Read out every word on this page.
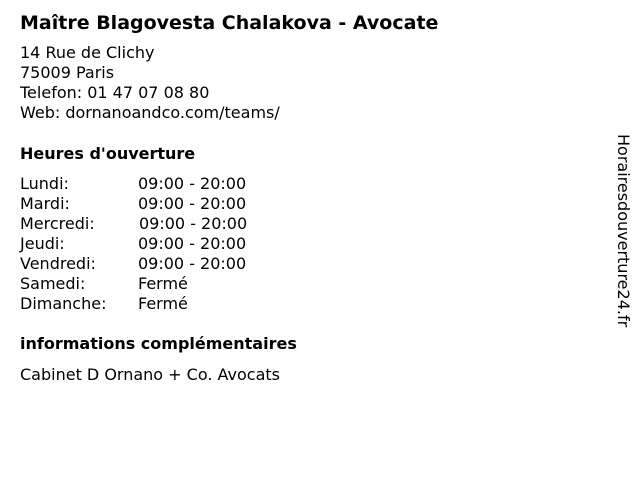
Maître Blagovesta Chalakova - Avocate
14 Rue de Clichy
75009 Paris
Telefon: 01 47 07 08 80
Web: dornanoandco.com/teams/
Heures d'ouverture
Lundi:	09:00 - 20:00
Mardi:	09:00 - 20:00
Mercredi:	09:00 - 20:00
Jeudi:	09:00 - 20:00
Vendredi:	09:00 - 20:00
Samedi:	Fermé
Dimanche: Fermé
informations complémentaires
Cabinet D Ornano + Co. Avocats
Horairesdouverture24.fr
